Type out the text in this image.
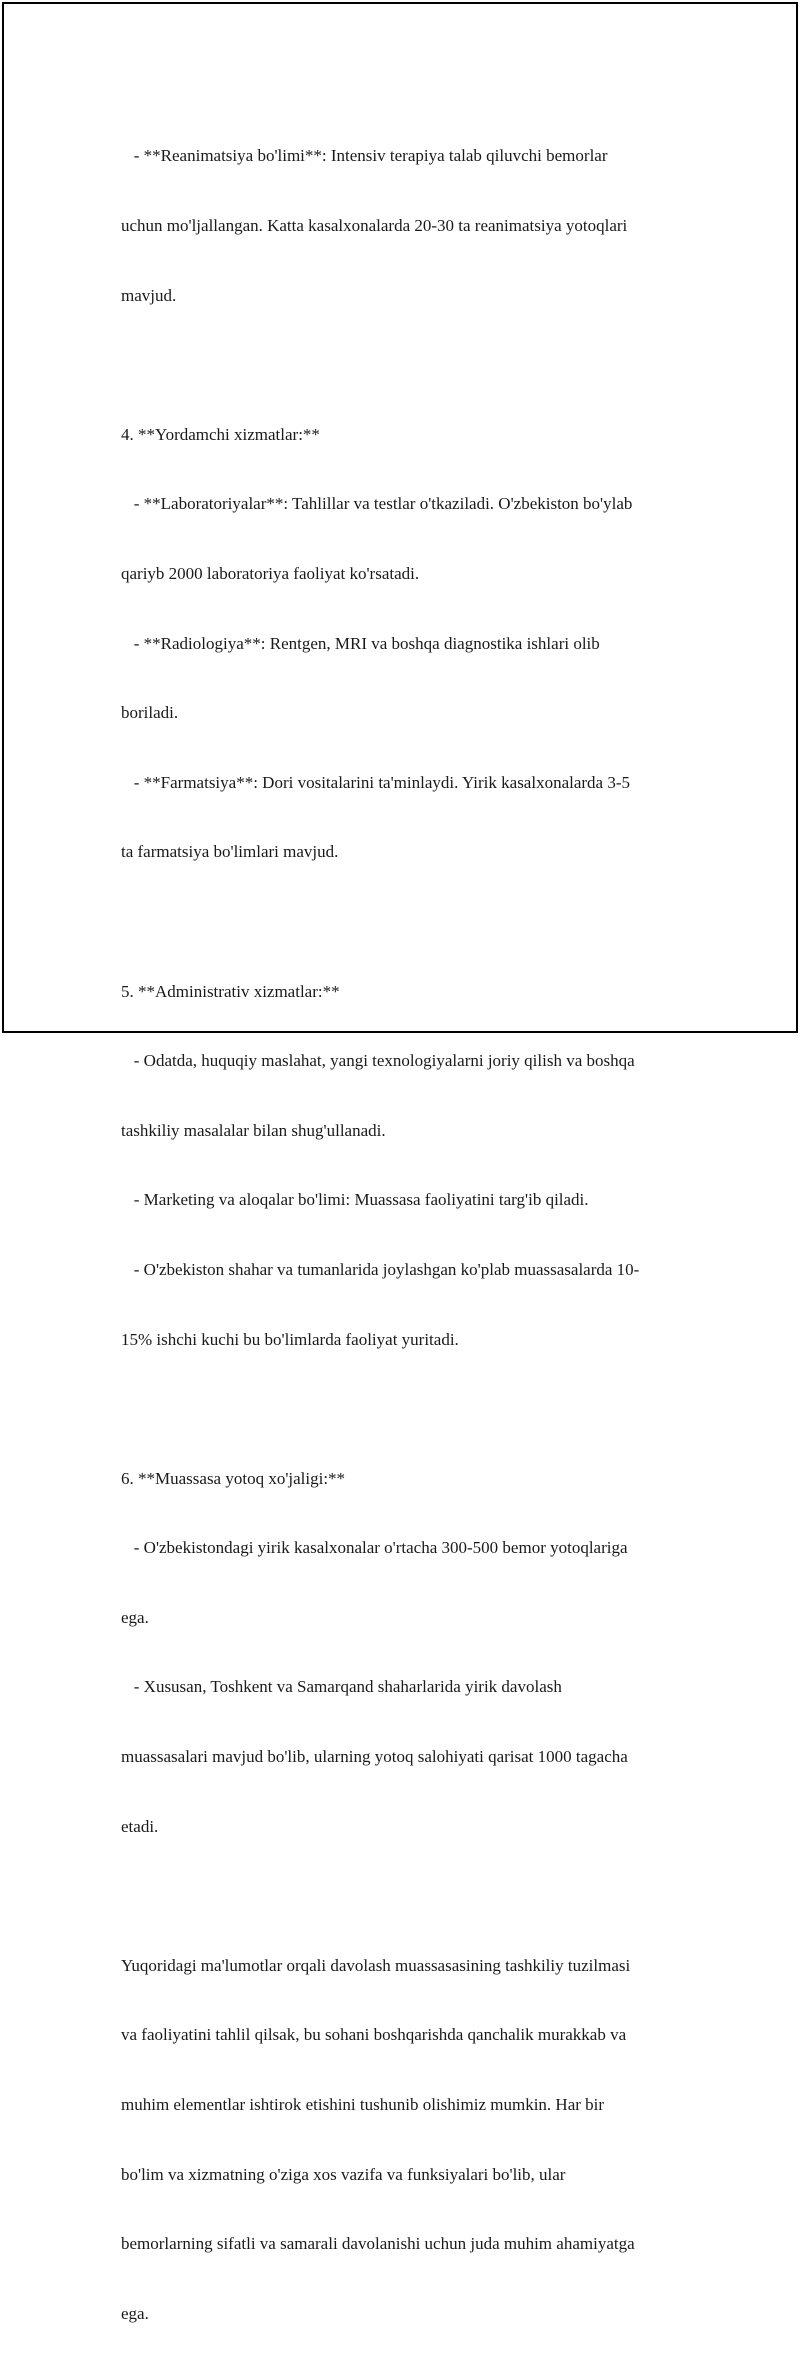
- **Reanimatsiya bo'limi**: Intensiv terapiya talab qiluvchi bemorlar

uchun mo'ljallangan. Katta kasalxonalarda 20-30 ta reanimatsiya yotoqlari

mavjud.

4. **Yordamchi xizmatlar:**

- **Laboratoriyalar**: Tahlillar va testlar o'tkaziladi. O'zbekiston bo'ylab

qariyb 2000 laboratoriya faoliyat ko'rsatadi.

- **Radiologiya**: Rentgen, MRI va boshqa diagnostika ishlari olib

boriladi.

- **Farmatsiya**: Dori vositalarini ta'minlaydi. Yirik kasalxonalarda 3-5

ta farmatsiya bo'limlari mavjud.

5. **Administrativ xizmatlar:**

- Odatda, huquqiy maslahat, yangi texnologiyalarni joriy qilish va boshqa

tashkiliy masalalar bilan shug'ullanadi.

- Marketing va aloqalar bo'limi: Muassasa faoliyatini targ'ib qiladi.

- O'zbekiston shahar va tumanlarida joylashgan ko'plab muassasalarda 10-

15% ishchi kuchi bu bo'limlarda faoliyat yuritadi.

6. **Muassasa yotoq xo'jaligi:**

- O'zbekistondagi yirik kasalxonalar o'rtacha 300-500 bemor yotoqlariga

ega.

- Xususan, Toshkent va Samarqand shaharlarida yirik davolash

muassasalari mavjud bo'lib, ularning yotoq salohiyati qarisat 1000 tagacha

etadi.

Yuqoridagi ma'lumotlar orqali davolash muassasasining tashkiliy tuzilmasi

va faoliyatini tahlil qilsak, bu sohani boshqarishda qanchalik murakkab va

muhim elementlar ishtirok etishini tushunib olishimiz mumkin. Har bir

bo'lim va xizmatning o'ziga xos vazifa va funksiyalari bo'lib, ular

bemorlarning sifatli va samarali davolanishi uchun juda muhim ahamiyatga

ega.
